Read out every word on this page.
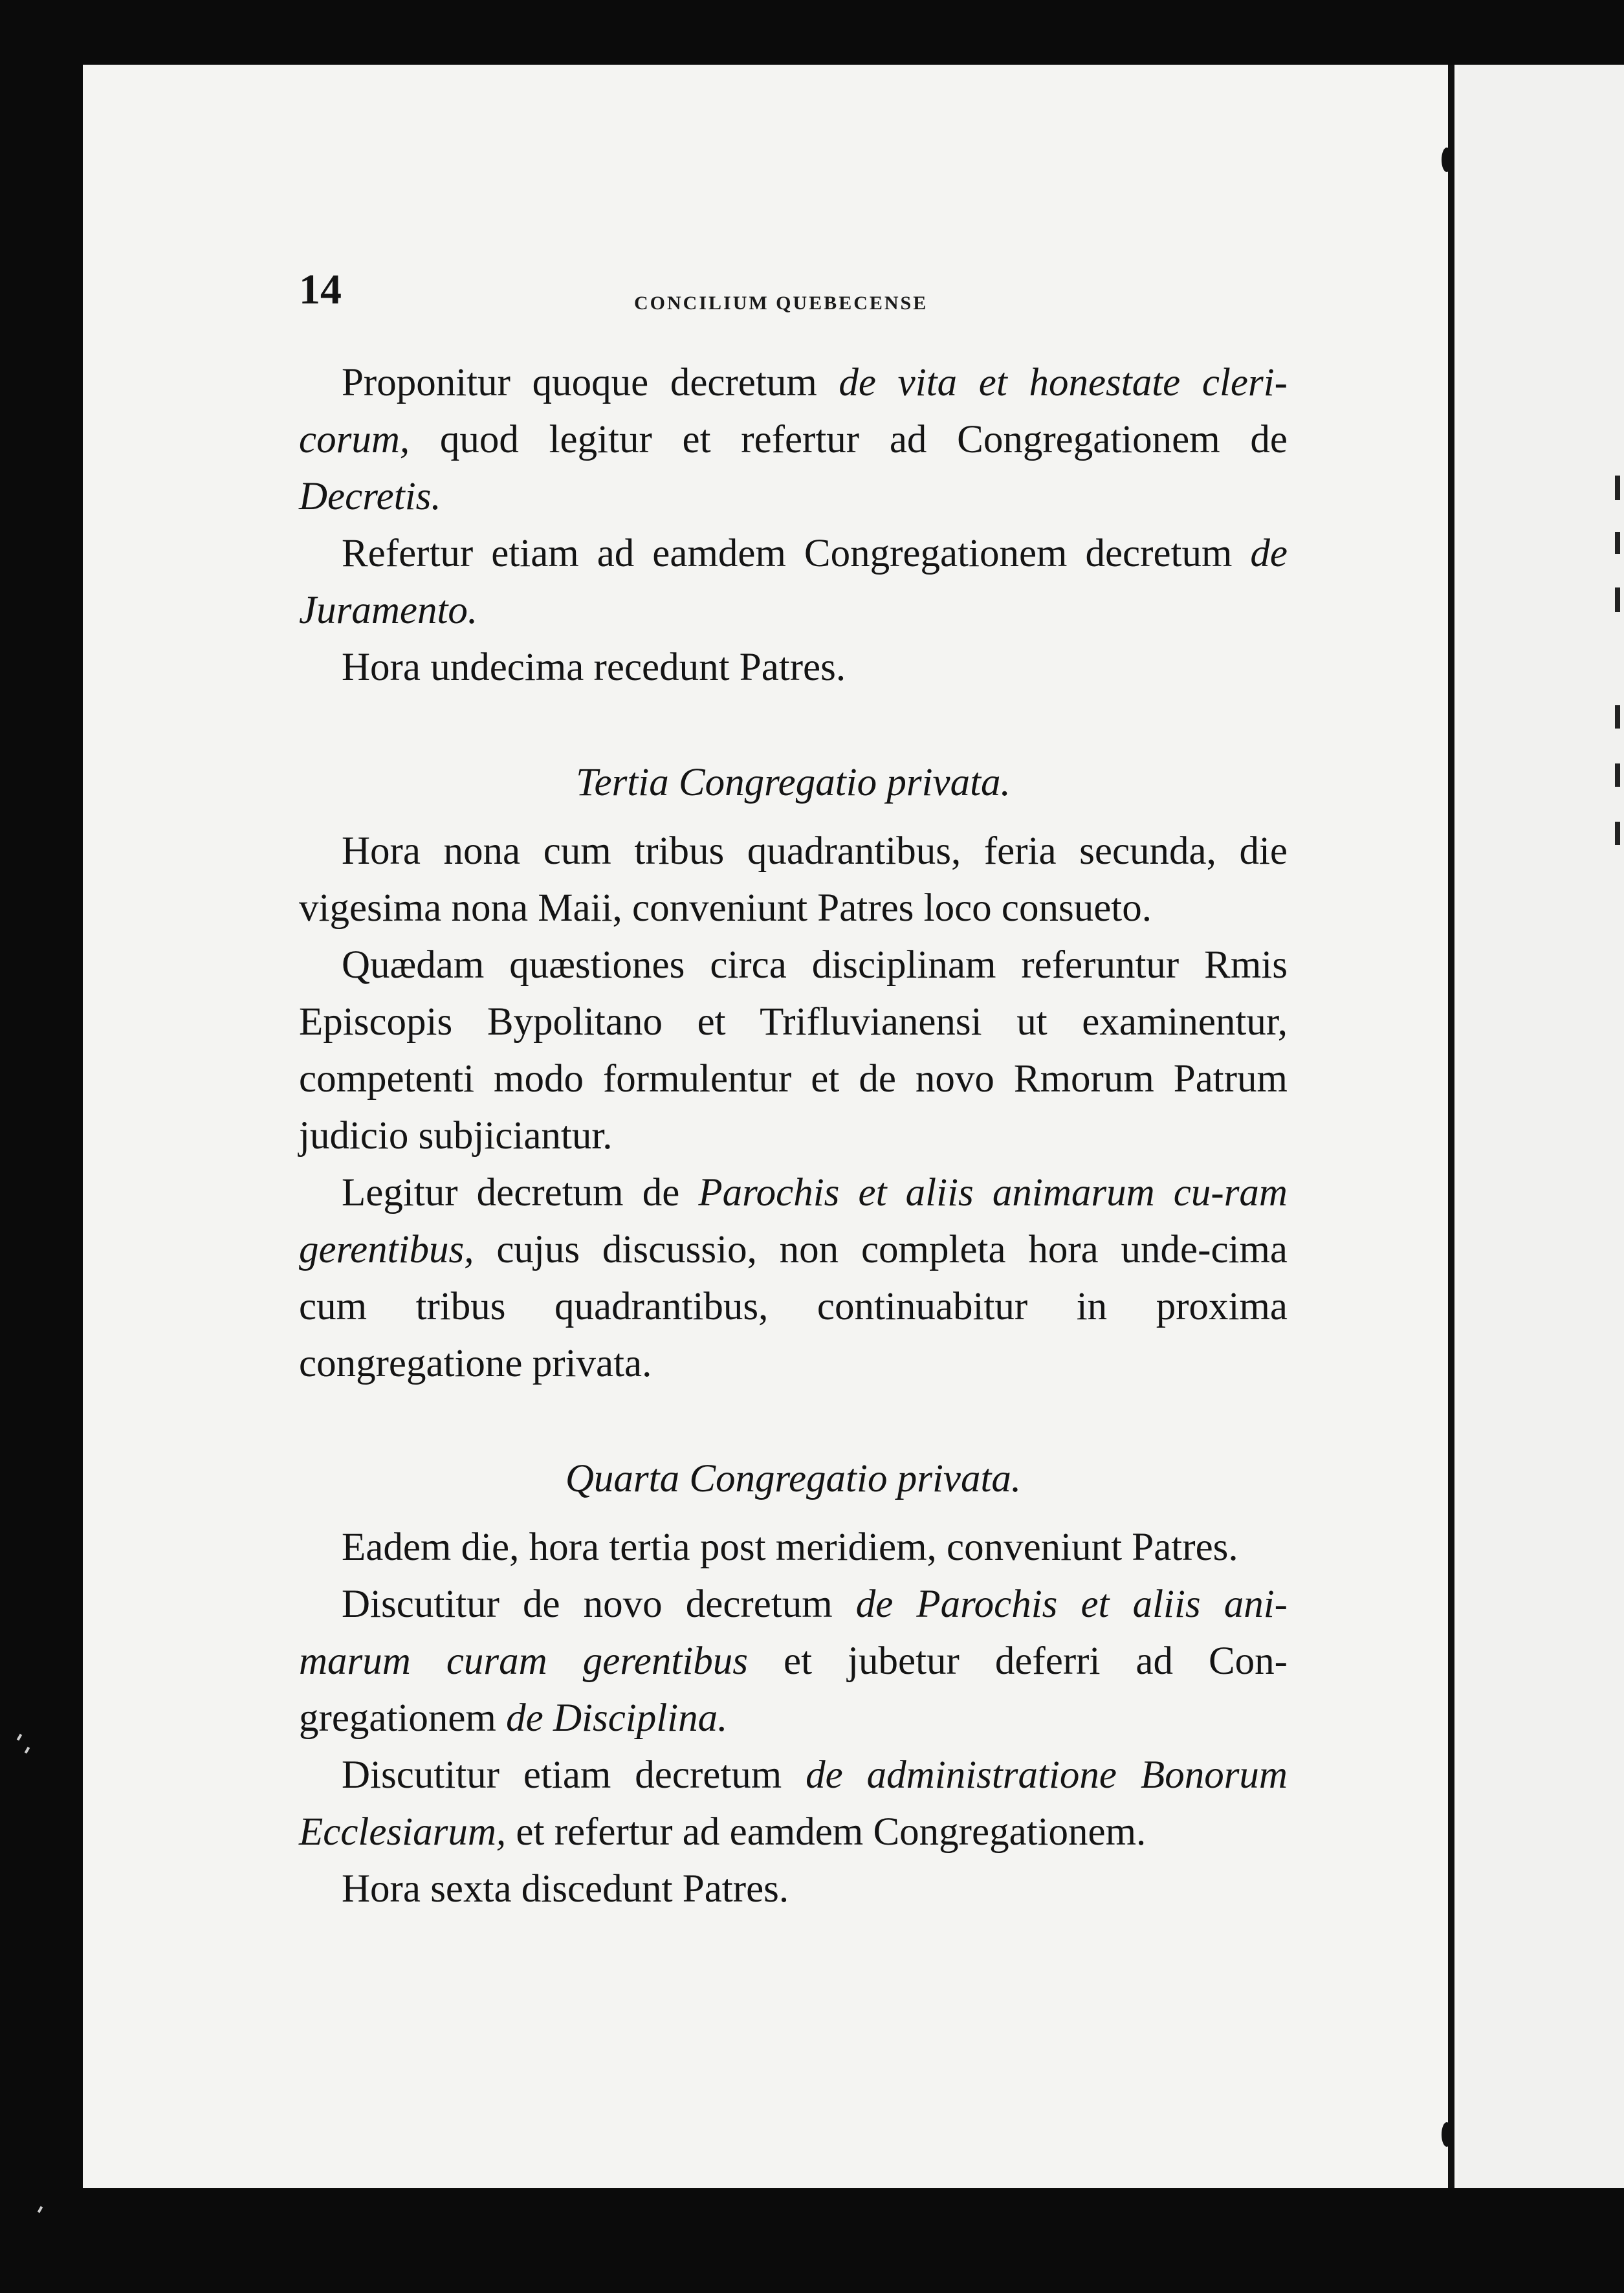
14	CONCILIUM QUEBECENSE

Proponitur quoque decretum de vita et honestate cleri-corum, quod legitur et refertur ad Congregationem de Decretis.

Refertur etiam ad eamdem Congregationem decretum de Juramento.

Hora undecima recedunt Patres.

Tertia Congregatio privata.

Hora nona cum tribus quadrantibus, feria secunda, die vigesima nona Maii, conveniunt Patres loco consueto.

Quædam quæstiones circa disciplinam referuntur Rmis Episcopis Bypolitano et Trifluvianensi ut examinentur, competenti modo formulentur et de novo Rmorum Patrum judicio subjiciantur.

Legitur decretum de Parochis et aliis animarum cu-ram gerentibus, cujus discussio, non completa hora unde-cima cum tribus quadrantibus, continuabitur in proxima congregatione privata.

Quarta Congregatio privata.

Eadem die, hora tertia post meridiem, conveniunt Patres.

Discutitur de novo decretum de Parochis et aliis ani-marum curam gerentibus et jubetur deferri ad Con-gregationem de Disciplina.

Discutitur etiam decretum de administratione Bonorum Ecclesiarum, et refertur ad eamdem Congregationem.

Hora sexta discedunt Patres.
